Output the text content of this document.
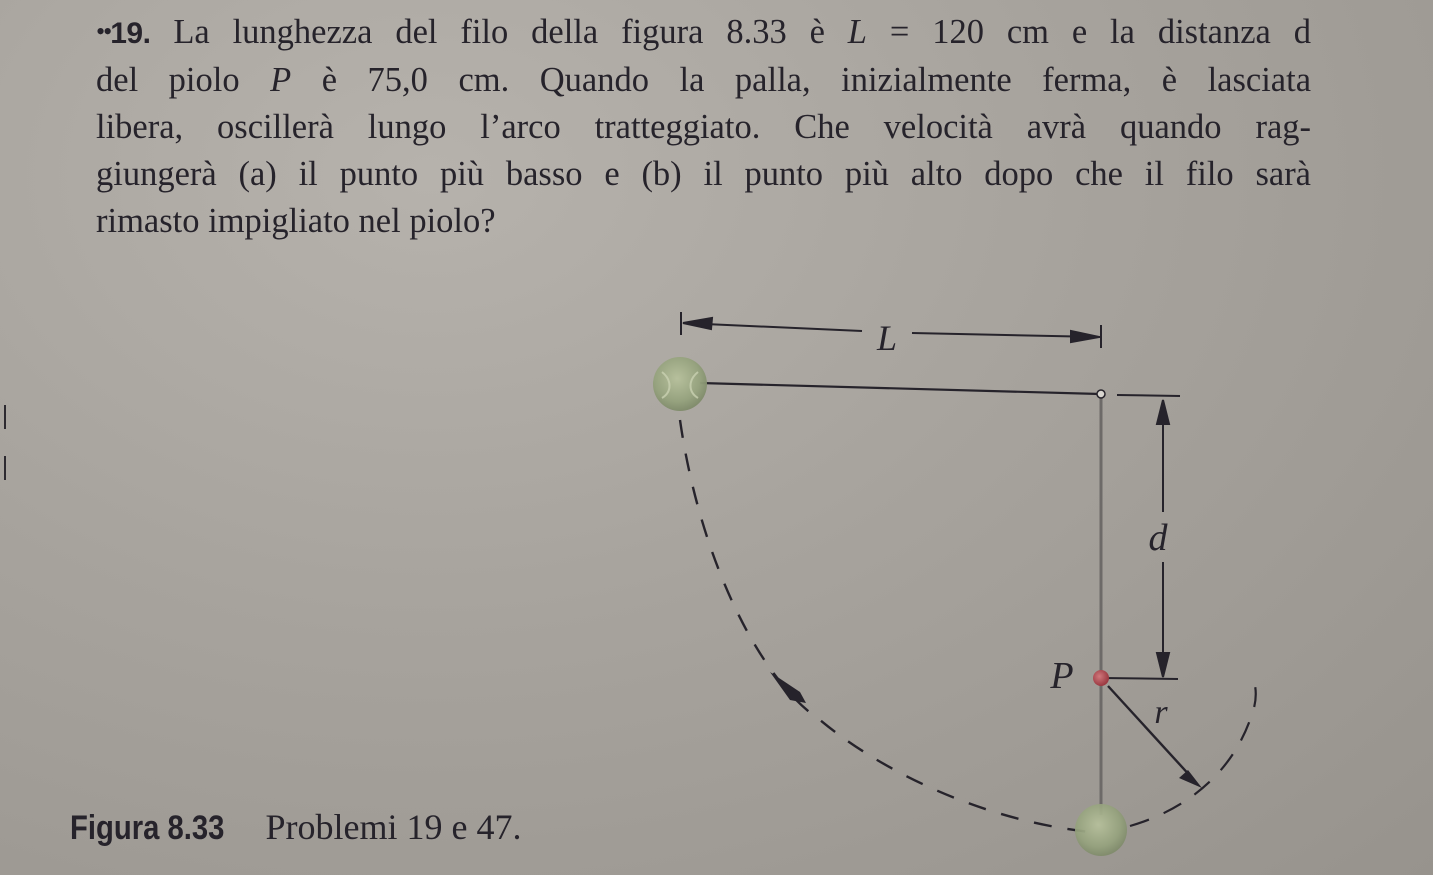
••19. La lunghezza del filo della figura 8.33 è L = 120 cm e la distanza d
del piolo P è 75,0 cm. Quando la palla, inizialmente ferma, è lasciata
libera, oscillerà lungo l’arco tratteggiato. Che velocità avrà quando rag-
giungerà (a) il punto più basso e (b) il punto più alto dopo che il filo sarà
rimasto impigliato nel piolo?
L
d
P
r
Figura 8.33 Problemi 19 e 47.
